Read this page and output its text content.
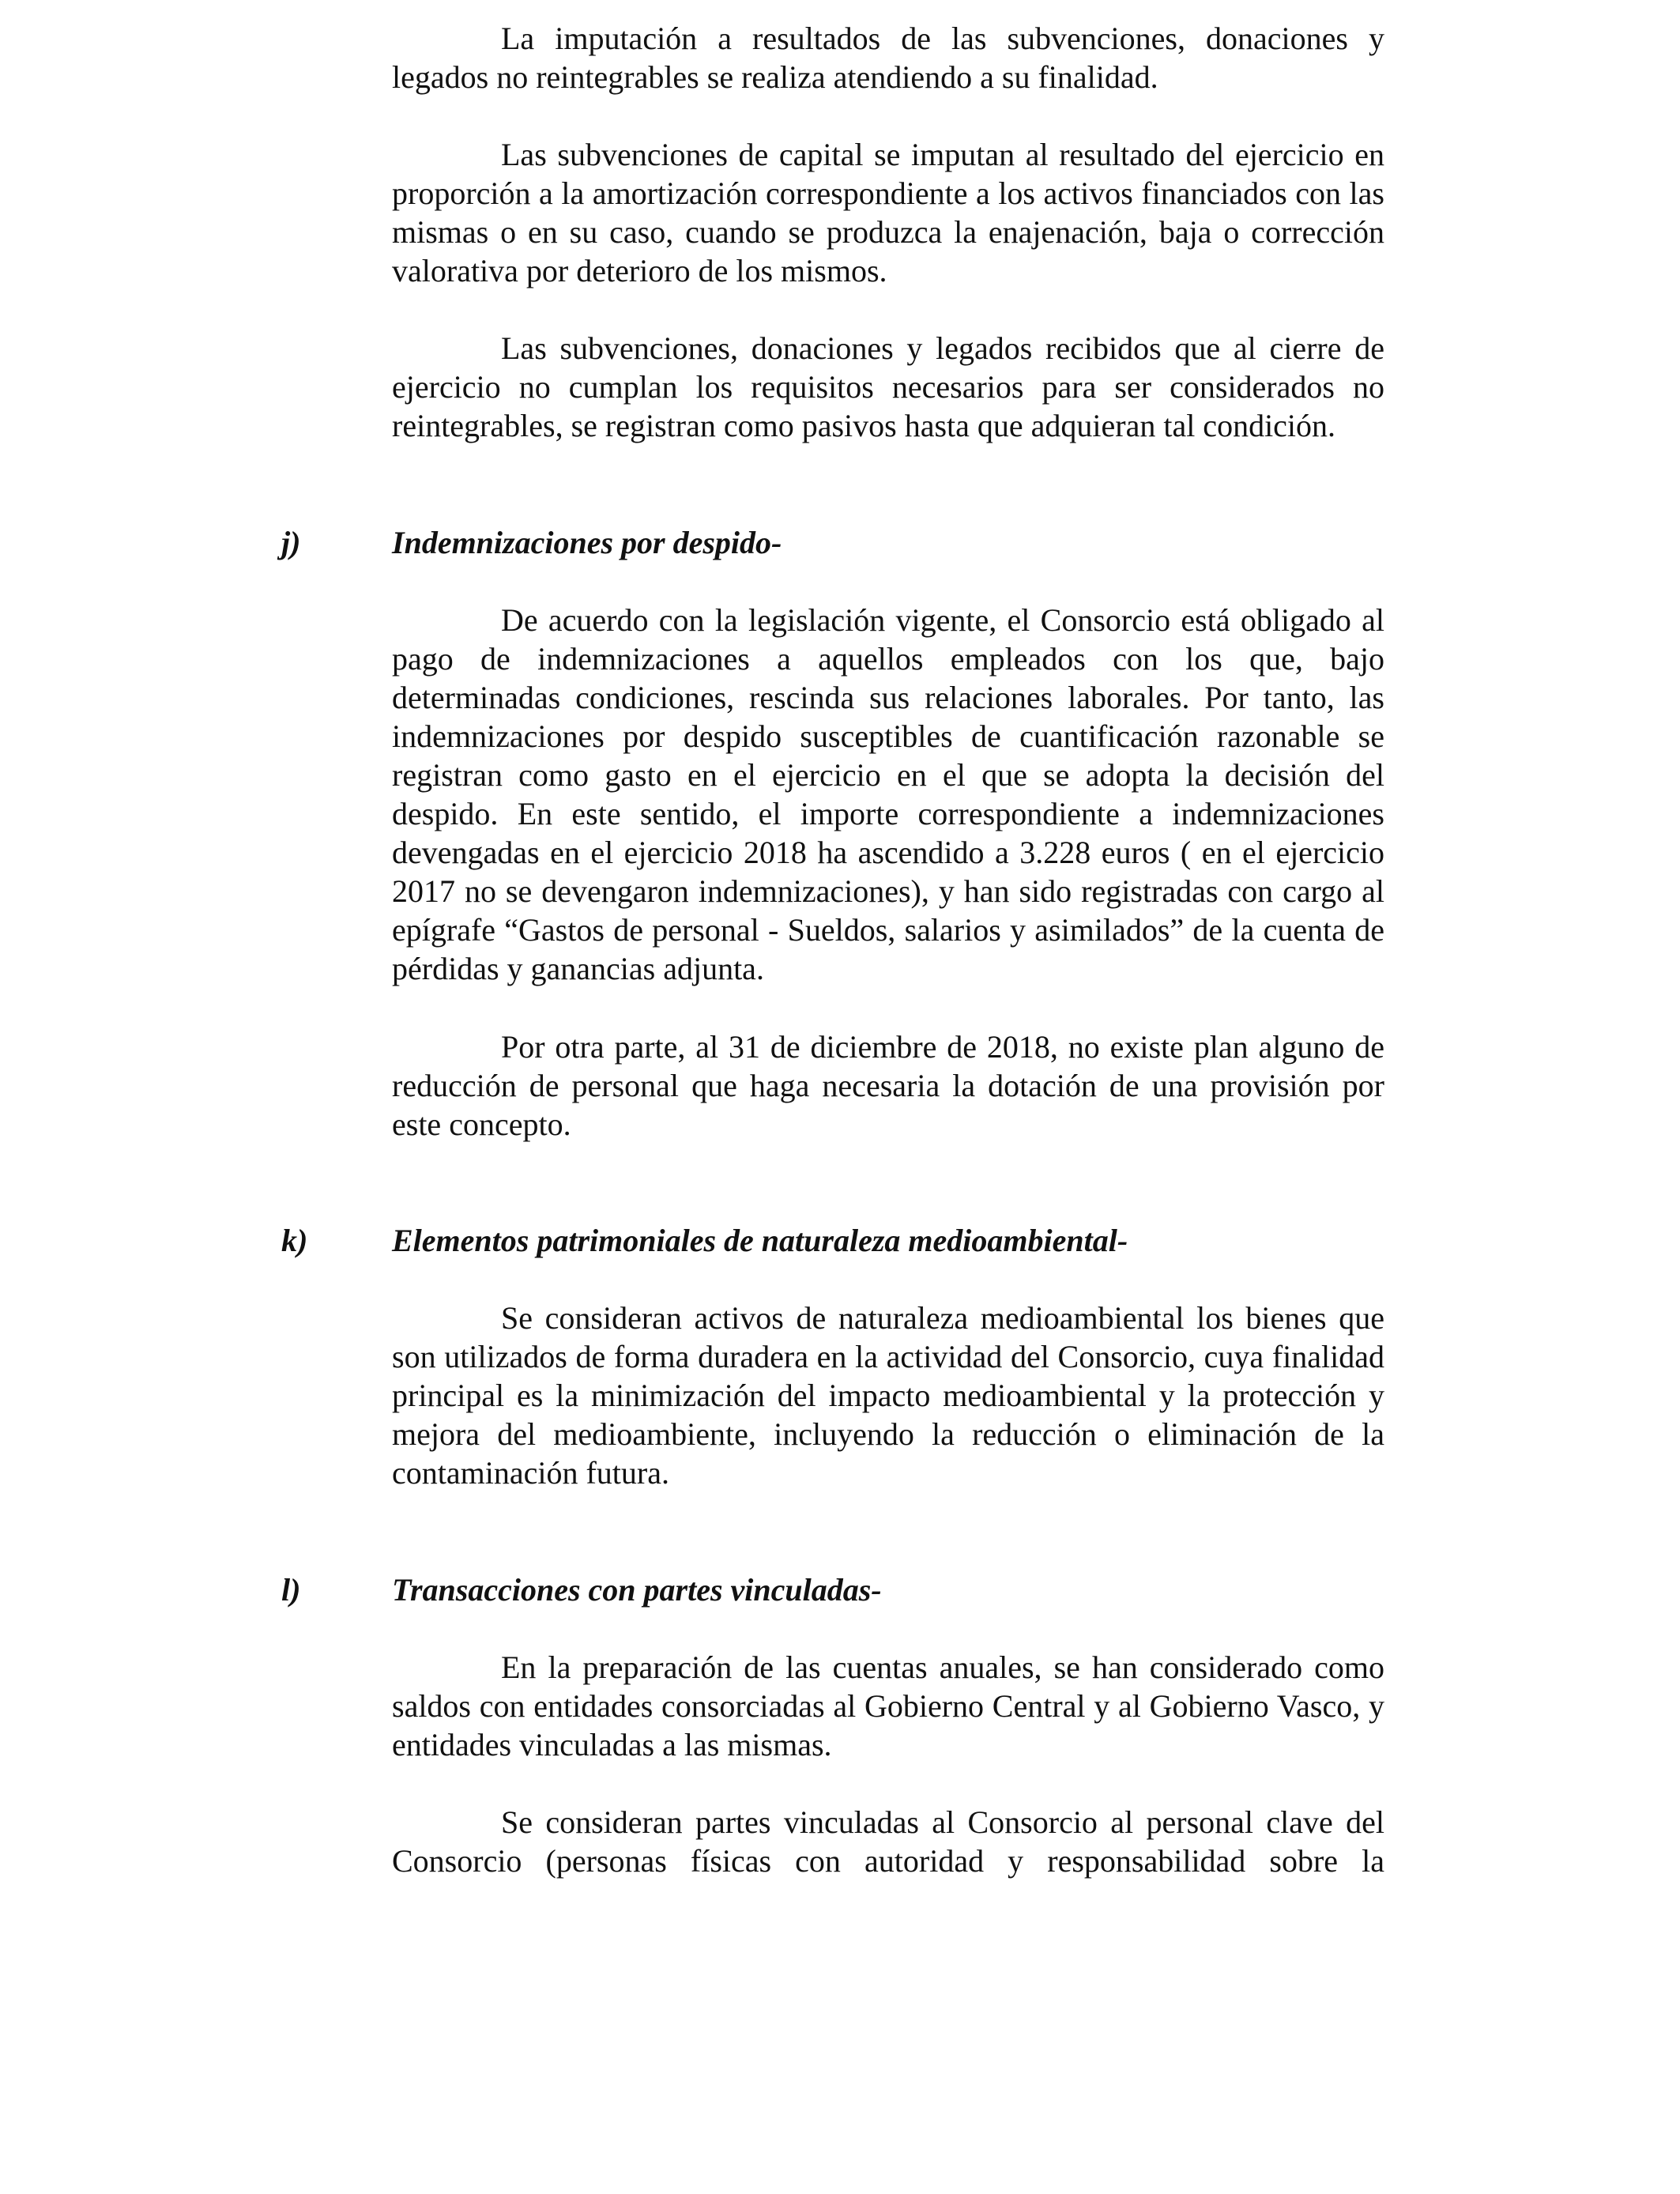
La imputación a resultados de las subvenciones, donaciones y legados no reintegrables se realiza atendiendo a su finalidad.

Las subvenciones de capital se imputan al resultado del ejercicio en proporción a la amortización correspondiente a los activos financiados con las mismas o en su caso, cuando se produzca la enajenación, baja o corrección valorativa por deterioro de los mismos.

Las subvenciones, donaciones y legados recibidos que al cierre de ejercicio no cumplan los requisitos necesarios para ser considerados no reintegrables, se registran como pasivos hasta que adquieran tal condición.

j)	Indemnizaciones por despido-

De acuerdo con la legislación vigente, el Consorcio está obligado al pago de indemnizaciones a aquellos empleados con los que, bajo determinadas condiciones, rescinda sus relaciones laborales. Por tanto, las indemnizaciones por despido susceptibles de cuantificación razonable se registran como gasto en el ejercicio en el que se adopta la decisión del despido. En este sentido, el importe correspondiente a indemnizaciones devengadas en el ejercicio 2018 ha ascendido a 3.228 euros ( en el ejercicio 2017 no se devengaron indemnizaciones), y han sido registradas con cargo al epígrafe “Gastos de personal - Sueldos, salarios y asimilados” de la cuenta de pérdidas y ganancias adjunta.

Por otra parte, al 31 de diciembre de 2018, no existe plan alguno de reducción de personal que haga necesaria la dotación de una provisión por este concepto.

k)	Elementos patrimoniales de naturaleza medioambiental-

Se consideran activos de naturaleza medioambiental los bienes que son utilizados de forma duradera en la actividad del Consorcio, cuya finalidad principal es la minimización del impacto medioambiental y la protección y mejora del medioambiente, incluyendo la reducción o eliminación de la contaminación futura.

l)	Transacciones con partes vinculadas-

En la preparación de las cuentas anuales, se han considerado como saldos con entidades consorciadas al Gobierno Central y al Gobierno Vasco, y entidades vinculadas a las mismas.

Se consideran partes vinculadas al Consorcio al personal clave del Consorcio (personas físicas con autoridad y responsabilidad sobre la
